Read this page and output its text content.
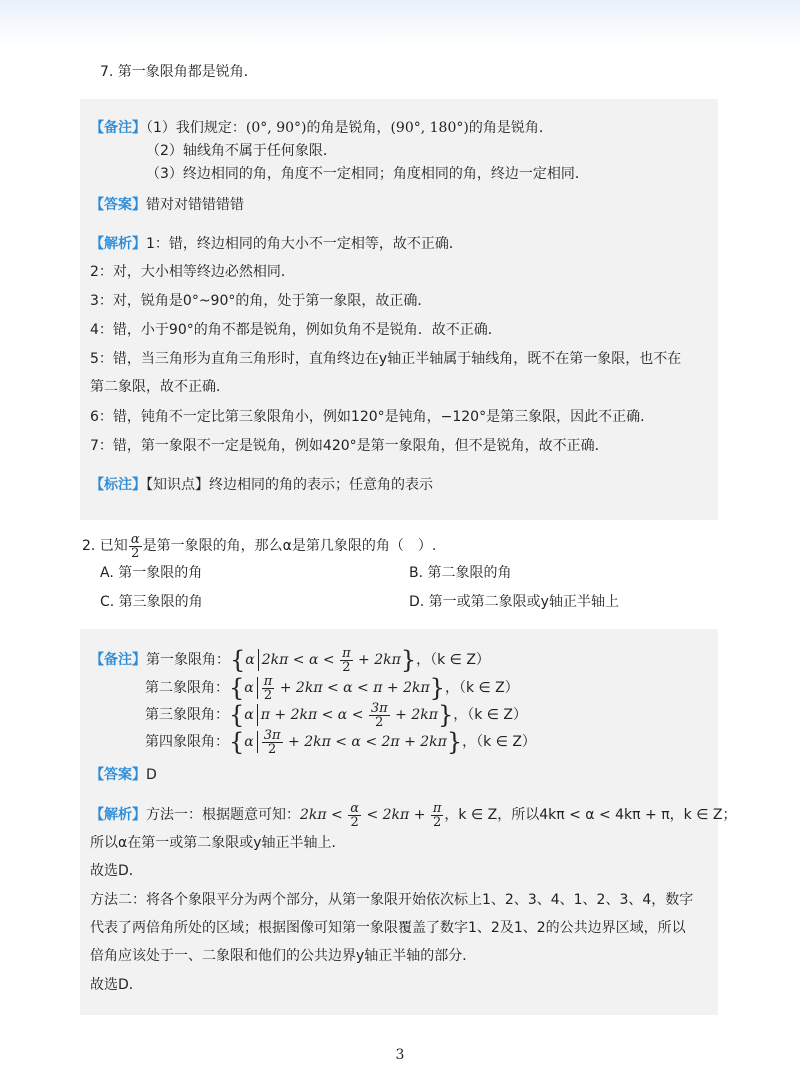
7. 第一象限角都是锐角．
【备注】（1）我们规定：(0°, 90°)的角是锐角，(90°, 180°)的角是锐角．
（2）轴线角不属于任何象限．
（3）终边相同的角，角度不一定相同；角度相同的角，终边一定相同．
【答案】错对对错错错错
【解析】1：错，终边相同的角大小不一定相等，故不正确．
2：对，大小相等终边必然相同．
3：对，锐角是0°~90°的角，处于第一象限，故正确．
4：错，小于90°的角不都是锐角，例如负角不是锐角．故不正确．
5：错，当三角形为直角三角形时，直角终边在y轴正半轴属于轴线角，既不在第一象限，也不在
第二象限，故不正确．
6：错，钝角不一定比第三象限角小，例如120°是钝角，−120°是第三象限，因此不正确．
7：错，第一象限不一定是锐角，例如420°是第一象限角，但不是锐角，故不正确．
【标注】【知识点】终边相同的角的表示；任意角的表示
2. 已知 $\frac{\alpha}{2}$ 是第一象限的角，那么α是第几象限的角（　）.
A. 第一象限的角	B. 第二象限的角
C. 第三象限的角	D. 第一或第二象限或y轴正半轴上
【备注】第一象限角：{α $2k\pi < \alpha < \frac{\pi}{2} + 2k\pi$}，（k ∈ Z）
第二象限角：$\{\alpha \frac{\pi}{2} + 2k\pi < \alpha < \pi + 2k\pi\}$，（k ∈ Z）
第三象限角：{α $\pi + 2k\pi < \alpha < \frac{3\pi}{2} + 2k\pi$}，（k ∈ Z）
第四象限角：$\{\alpha \frac{3\pi}{2} + 2k\pi < \alpha < 2\pi + 2k\pi\}$，（k ∈ Z）
【答案】D
【解析】方法一：根据题意可知：$2k\pi < \frac{\alpha}{2} < 2k\pi + \frac{\pi}{2}$ ，k ∈ Z，所以4kπ < α < 4kπ + π，k ∈ Z；
所以α在第一或第二象限或y轴正半轴上．
故选D．
方法二：将各个象限平分为两个部分，从第一象限开始依次标上1、2、3、4、1、2、3、4，数字
代表了两倍角所处的区域；根据图像可知第一象限覆盖了数字1、2及1、2的公共边界区域，所以
倍角应该处于一、二象限和他们的公共边界y轴正半轴的部分．
故选D．
3
